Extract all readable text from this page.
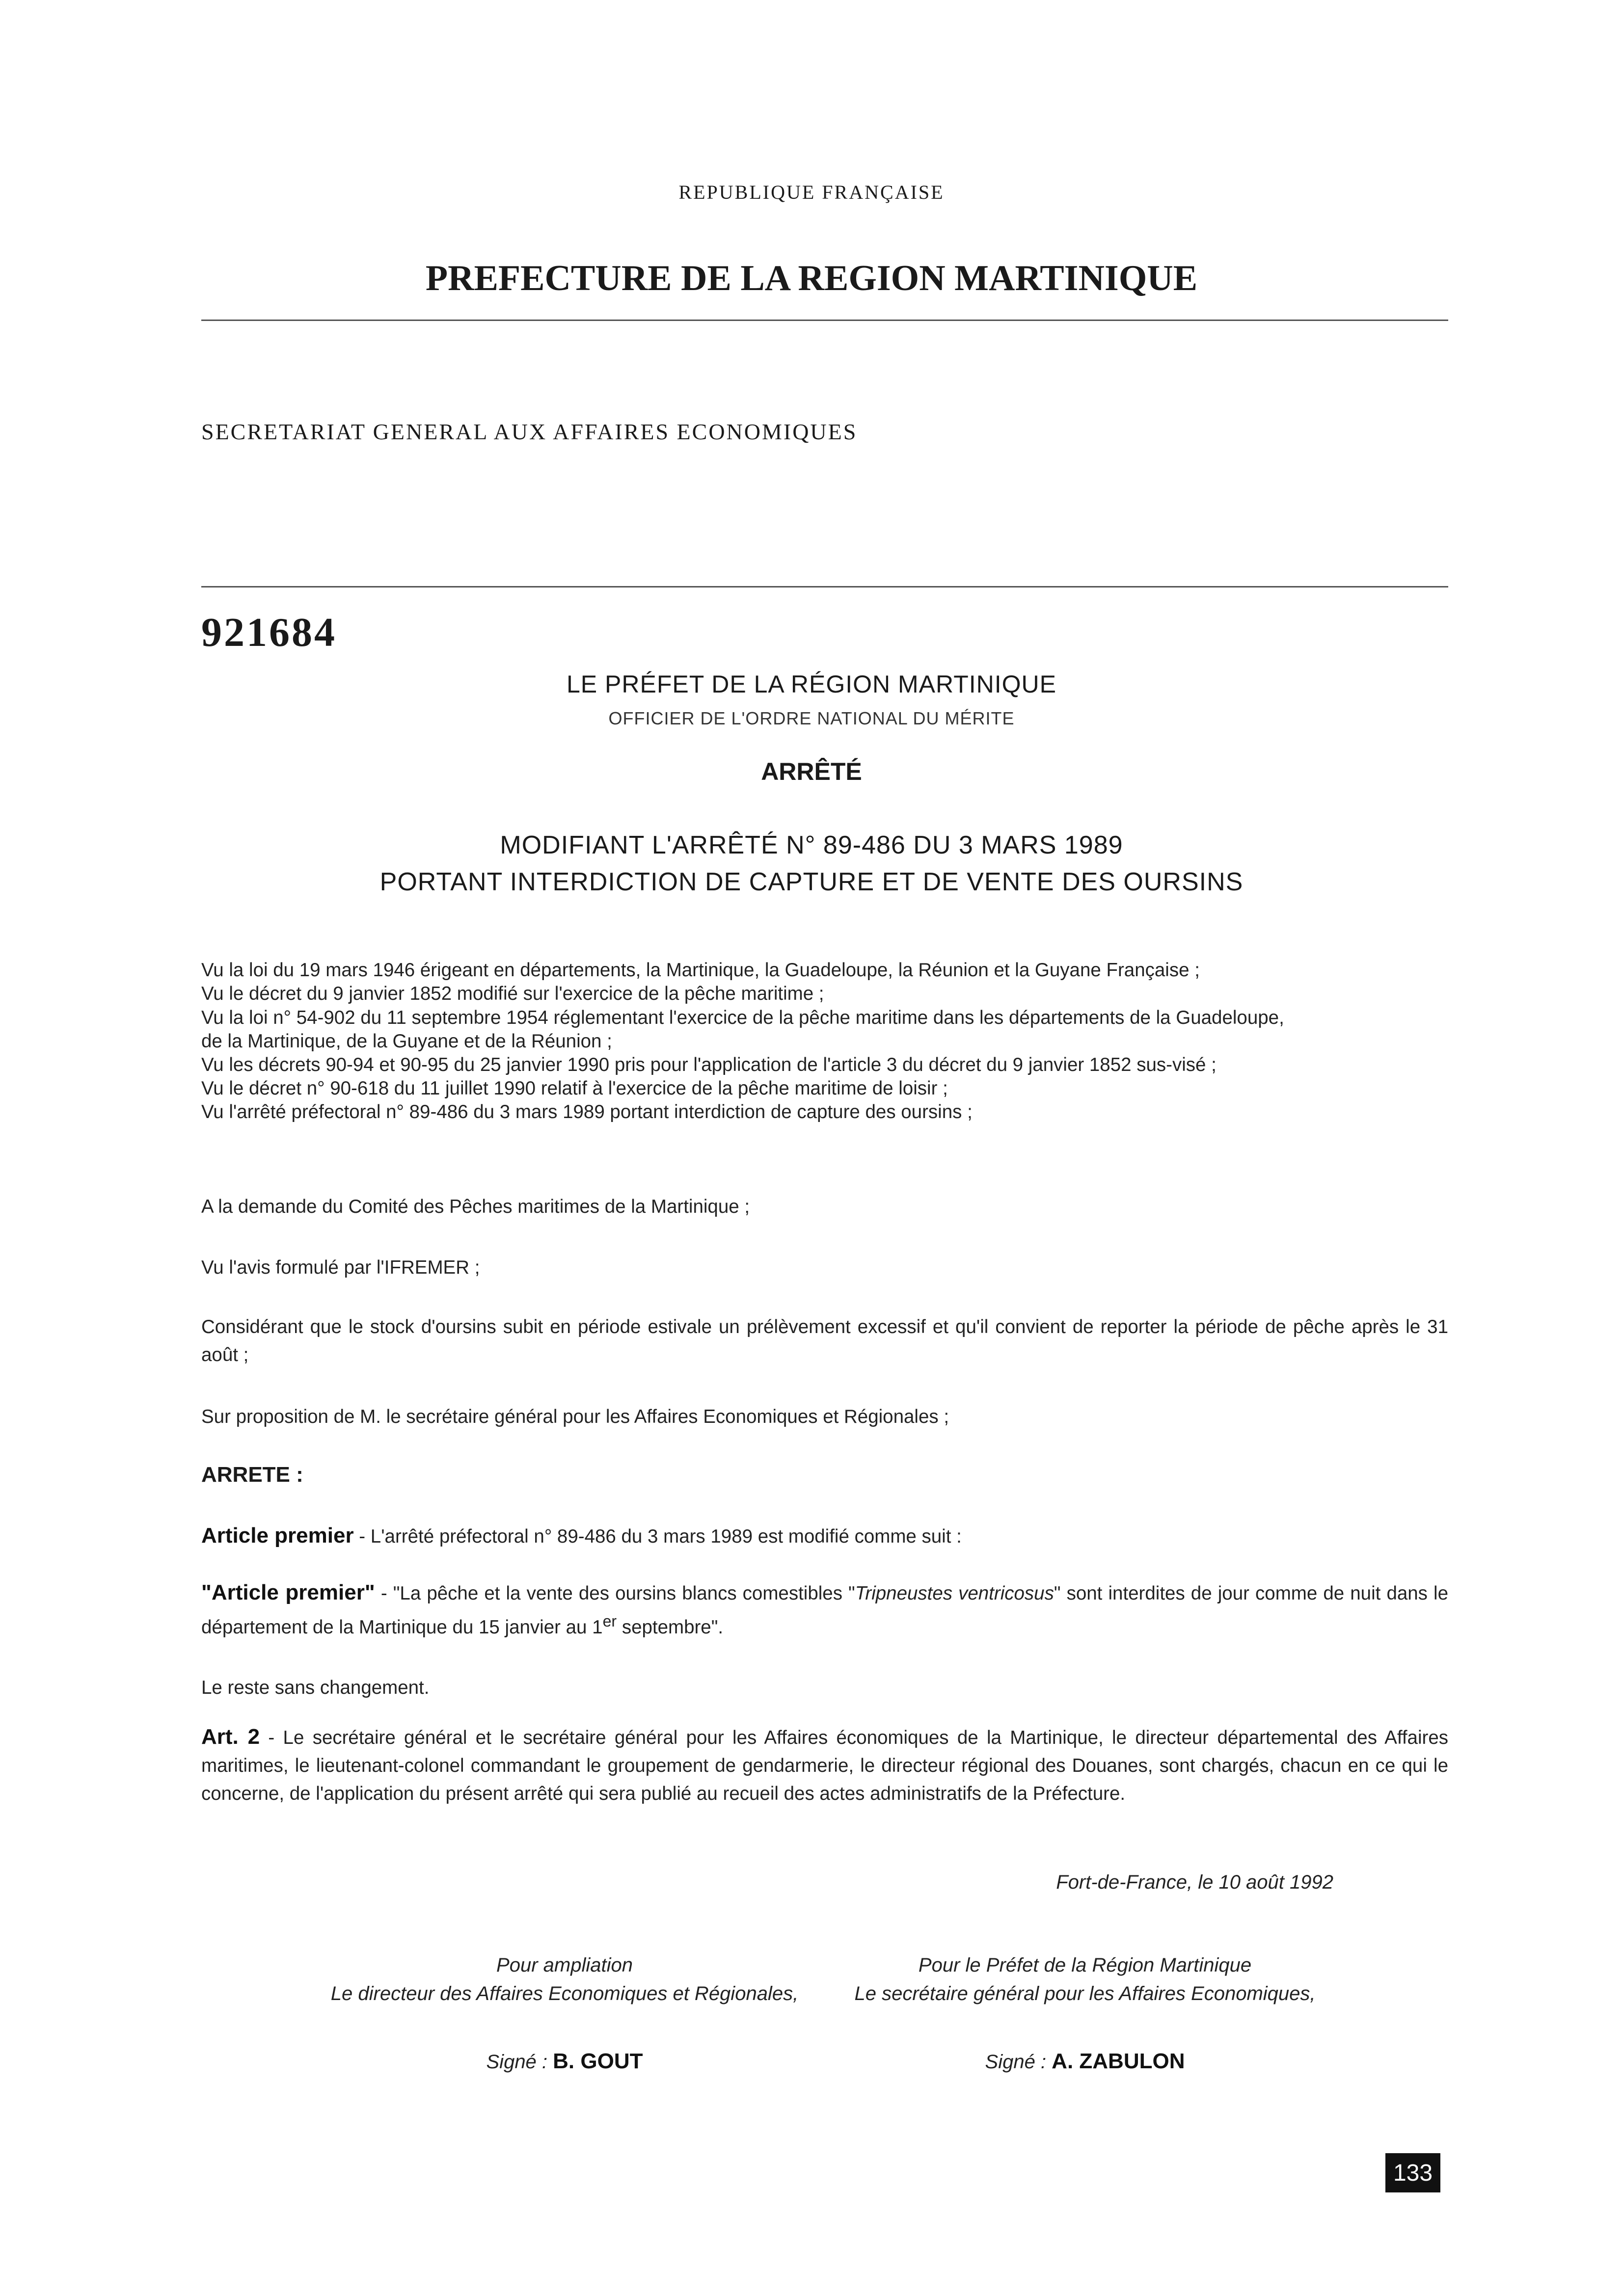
REPUBLIQUE FRANÇAISE
PREFECTURE DE LA REGION MARTINIQUE
SECRETARIAT GENERAL AUX AFFAIRES ECONOMIQUES
921684
LE PRÉFET DE LA RÉGION MARTINIQUE
OFFICIER DE L'ORDRE NATIONAL DU MÉRITE
ARRÊTÉ
MODIFIANT L'ARRÊTÉ N° 89-486 DU 3 MARS 1989
PORTANT INTERDICTION DE CAPTURE ET DE VENTE DES OURSINS
Vu la loi du 19 mars 1946 érigeant en départements, la Martinique, la Guadeloupe, la Réunion et la Guyane Française ;
Vu le décret du 9 janvier 1852 modifié sur l'exercice de la pêche maritime ;
Vu la loi n° 54-902 du 11 septembre 1954 réglementant l'exercice de la pêche maritime dans les départements de la Guadeloupe,
de la Martinique, de la Guyane et de la Réunion ;
Vu les décrets 90-94 et 90-95 du 25 janvier 1990 pris pour l'application de l'article 3 du décret du 9 janvier 1852 sus-visé ;
Vu le décret n° 90-618 du 11 juillet 1990 relatif à l'exercice de la pêche maritime de loisir ;
Vu l'arrêté préfectoral n° 89-486 du 3 mars 1989 portant interdiction de capture des oursins ;
A la demande du Comité des Pêches maritimes de la Martinique ;
Vu l'avis formulé par l'IFREMER ;
Considérant que le stock d'oursins subit en période estivale un prélèvement excessif et qu'il convient de reporter la période de pêche après le 31 août ;
Sur proposition de M. le secrétaire général pour les Affaires Economiques et Régionales ;
ARRETE :
Article premier - L'arrêté préfectoral n° 89-486 du 3 mars 1989 est modifié comme suit :
"Article premier" - "La pêche et la vente des oursins blancs comestibles "Tripneustes ventricosus" sont interdites de jour comme de nuit dans le département de la Martinique du 15 janvier au 1er septembre".
Le reste sans changement.
Art. 2 - Le secrétaire général et le secrétaire général pour les Affaires économiques de la Martinique, le directeur départemental des Affaires maritimes, le lieutenant-colonel commandant le groupement de gendarmerie, le directeur régional des Douanes, sont chargés, chacun en ce qui le concerne, de l'application du présent arrêté qui sera publié au recueil des actes administratifs de la Préfecture.
Fort-de-France, le 10 août 1992
Pour ampliation
Le directeur des Affaires Economiques et Régionales,
Signé : B. GOUT
Pour le Préfet de la Région Martinique
Le secrétaire général pour les Affaires Economiques,
Signé : A. ZABULON
133
